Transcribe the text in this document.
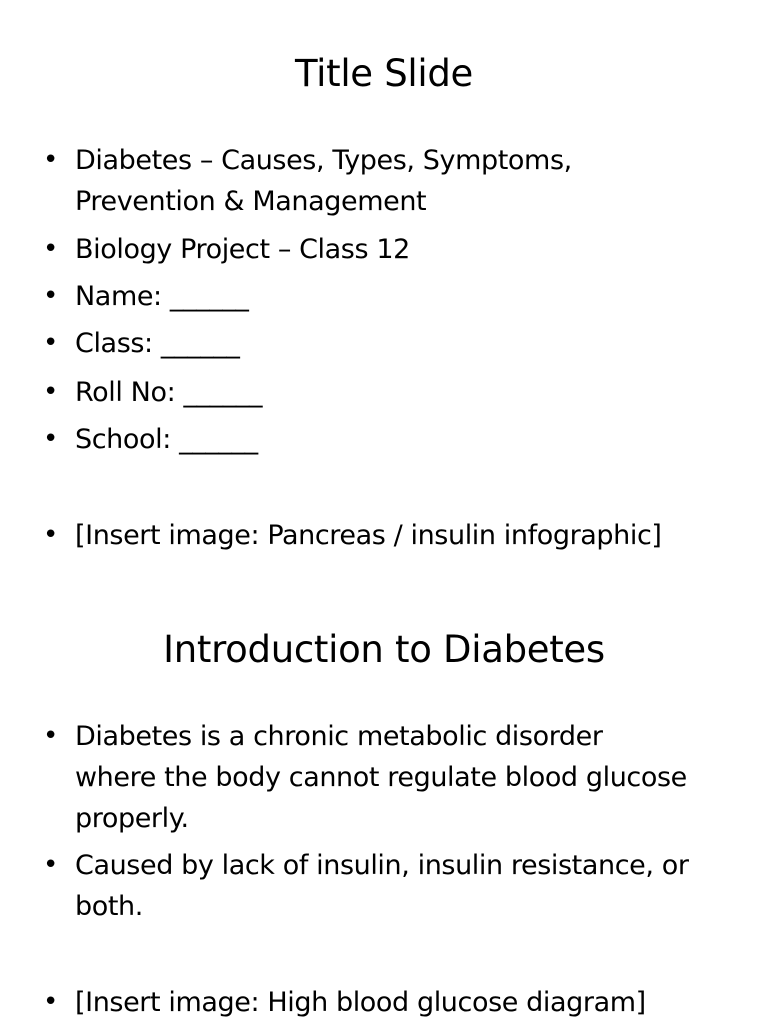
Title Slide
• Diabetes – Causes, Types, Symptoms,
Prevention & Management
• Biology Project – Class 12
• Name: ______
• Class: ______
• Roll No: ______
• School: ______
• [Insert image: Pancreas / insulin infographic]
Introduction to Diabetes
• Diabetes is a chronic metabolic disorder
where the body cannot regulate blood glucose
properly.
• Caused by lack of insulin, insulin resistance, or
both.
• [Insert image: High blood glucose diagram]
